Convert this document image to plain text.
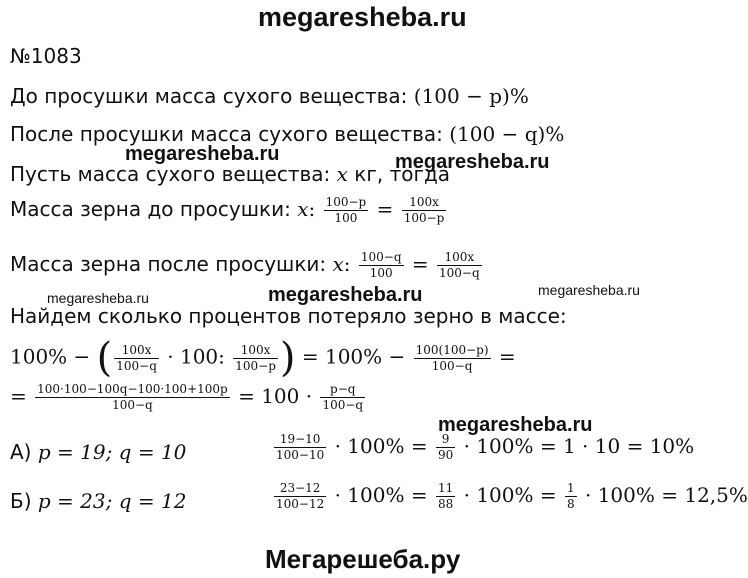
megaresheba.ru
№1083
До просушки масса сухого вещества: (100 − p)%
После просушки масса сухого вещества: (100 − q)%
Пусть масса сухого вещества: x кг, тогда
Масса зерна до просушки: x: $\frac{100-p}{100} = \frac{100x}{100-p}$
Масса зерна после просушки: x: $\frac{100-q}{100} = \frac{100x}{100-q}$
Найдем сколько процентов потеряло зерно в массе:
100% − ( $\frac{100x}{100-q} \cdot 100$: $\frac{100x}{100-p}$ ) = $100\% - \frac{100(100-p)}{100-q}$ =
= $\frac{100\cdot 100-100q-100\cdot 100+100p}{100-q} = 100 \cdot \frac{p-q}{100-q}$
А) p = 19; q = 10	$\frac{19-10}{100-10} \cdot 100\% = \frac{9}{90} \cdot 100\% = 1 \cdot 10 = 10\%$
Б) p = 23; q = 12	$\frac{23-12}{100-12} \cdot 100\% = \frac{11}{88} \cdot 100\% = \frac{1}{8} \cdot 100\% = 12,5\%$
megaresheba.ru	megaresheba.ru
megaresheba.ru	megaresheba.ru	megaresheba.ru
megaresheba.ru
Мегарешеба.ру
